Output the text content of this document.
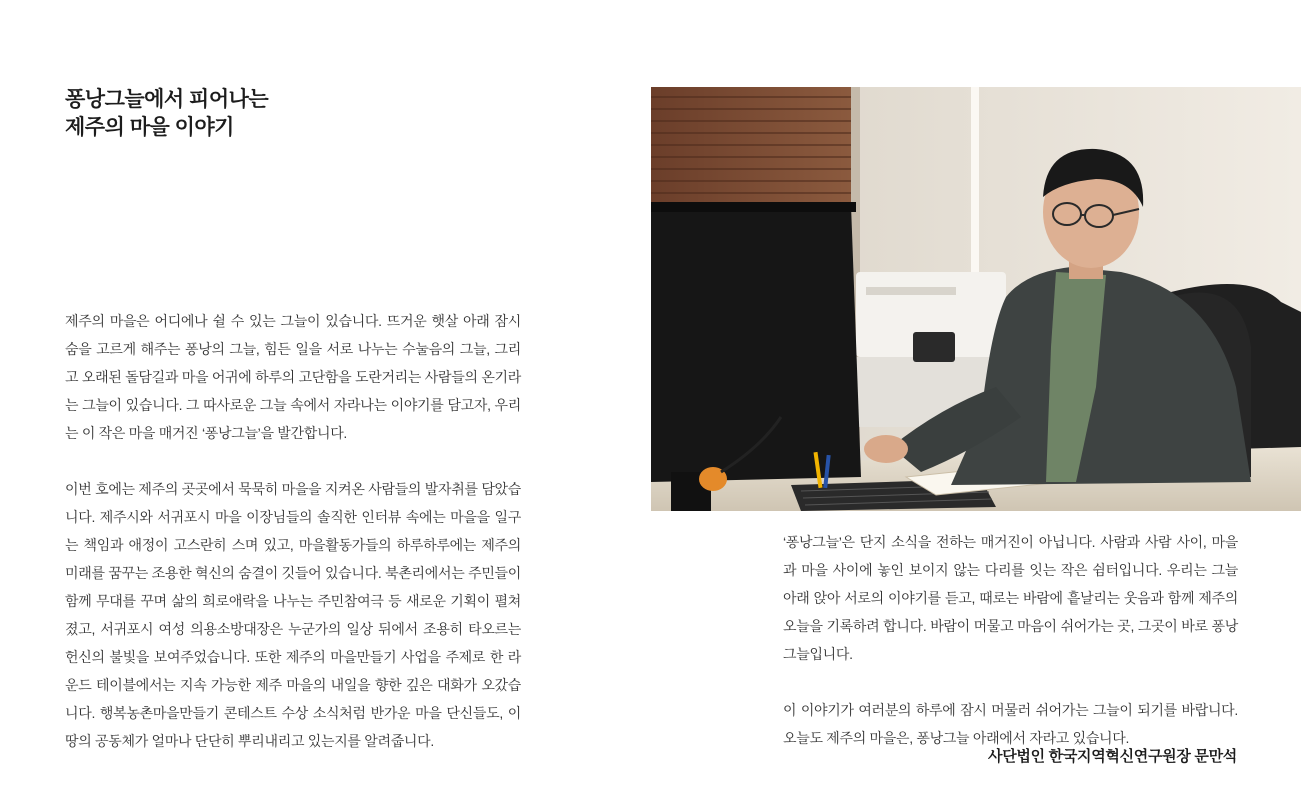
퐁낭그늘에서 피어나는
제주의 마을 이야기

제주의 마을은 어디에나 쉴 수 있는 그늘이 있습니다. 뜨거운 햇살 아래 잠시 숨을 고르게 해주는 퐁낭의 그늘, 힘든 일을 서로 나누는 수눌음의 그늘, 그리고 오래된 돌담길과 마을 어귀에 하루의 고단함을 도란거리는 사람들의 온기라는 그늘이 있습니다. 그 따사로운 그늘 속에서 자라나는 이야기를 담고자, 우리는 이 작은 마을 매거진 ‘퐁낭그늘’을 발간합니다.

이번 호에는 제주의 곳곳에서 묵묵히 마을을 지켜온 사람들의 발자취를 담았습니다. 제주시와 서귀포시 마을 이장님들의 솔직한 인터뷰 속에는 마을을 일구는 책임과 애정이 고스란히 스며 있고, 마을활동가들의 하루하루에는 제주의 미래를 꿈꾸는 조용한 혁신의 숨결이 깃들어 있습니다. 북촌리에서는 주민들이 함께 무대를 꾸며 삶의 희로애락을 나누는 주민참여극 등 새로운 기획이 펼쳐졌고, 서귀포시 여성 의용소방대장은 누군가의 일상 뒤에서 조용히 타오르는 헌신의 불빛을 보여주었습니다. 또한 제주의 마을만들기 사업을 주제로 한 라운드 테이블에서는 지속 가능한 제주 마을의 내일을 향한 깊은 대화가 오갔습니다. 행복농촌마을만들기 콘테스트 수상 소식처럼 반가운 마을 단신들도, 이 땅의 공동체가 얼마나 단단히 뿌리내리고 있는지를 알려줍니다.

‘퐁낭그늘’은 단지 소식을 전하는 매거진이 아닙니다. 사람과 사람 사이, 마을과 마을 사이에 놓인 보이지 않는 다리를 잇는 작은 쉼터입니다. 우리는 그늘 아래 앉아 서로의 이야기를 듣고, 때로는 바람에 흩날리는 웃음과 함께 제주의 오늘을 기록하려 합니다. 바람이 머물고 마음이 쉬어가는 곳, 그곳이 바로 퐁낭그늘입니다.

이 이야기가 여러분의 하루에 잠시 머물러 쉬어가는 그늘이 되기를 바랍니다. 오늘도 제주의 마을은, 퐁낭그늘 아래에서 자라고 있습니다.

사단법인 한국지역혁신연구원장 문만석
